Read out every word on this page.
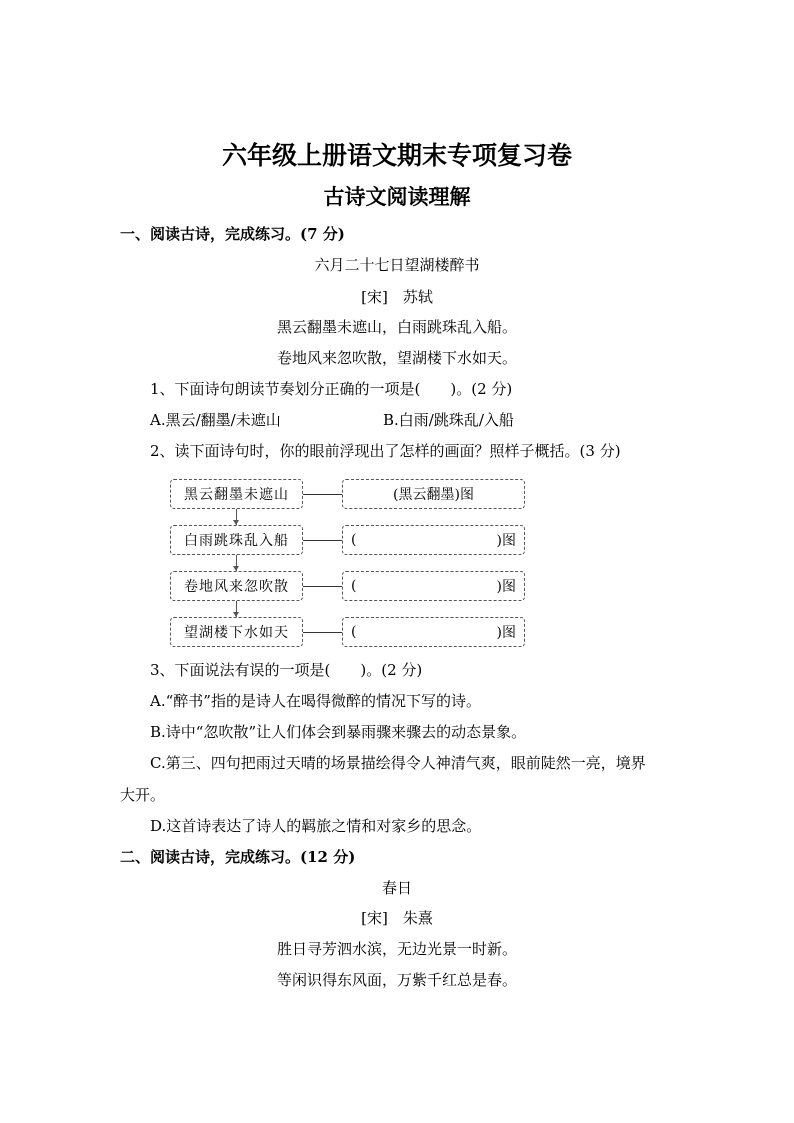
六年级上册语文期末专项复习卷
古诗文阅读理解
一、阅读古诗，完成练习。(7 分)
六月二十七日望湖楼醉书
[宋]　苏轼
黑云翻墨未遮山，白雨跳珠乱入船。
卷地风来忽吹散，望湖楼下水如天。
1、下面诗句朗读节奏划分正确的一项是(　　)。(2 分)
A.黑云/翻墨/未遮山	B.白雨/跳珠乱/入船
2、读下面诗句时，你的眼前浮现出了怎样的画面？照样子概括。(3 分)
黑云翻墨未遮山	(黑云翻墨)图
白雨跳珠乱入船	(	)图
卷地风来忽吹散	(	)图
望湖楼下水如天	(	)图
3、下面说法有误的一项是(　　)。(2 分)
A.“醉书”指的是诗人在喝得微醉的情况下写的诗。
B.诗中“忽吹散”让人们体会到暴雨骤来骤去的动态景象。
C.第三、四句把雨过天晴的场景描绘得令人神清气爽，眼前陡然一亮，境界
大开。
D.这首诗表达了诗人的羁旅之情和对家乡的思念。
二、阅读古诗，完成练习。(12 分)
春日
[宋]　朱熹
胜日寻芳泗水滨，无边光景一时新。
等闲识得东风面，万紫千红总是春。
